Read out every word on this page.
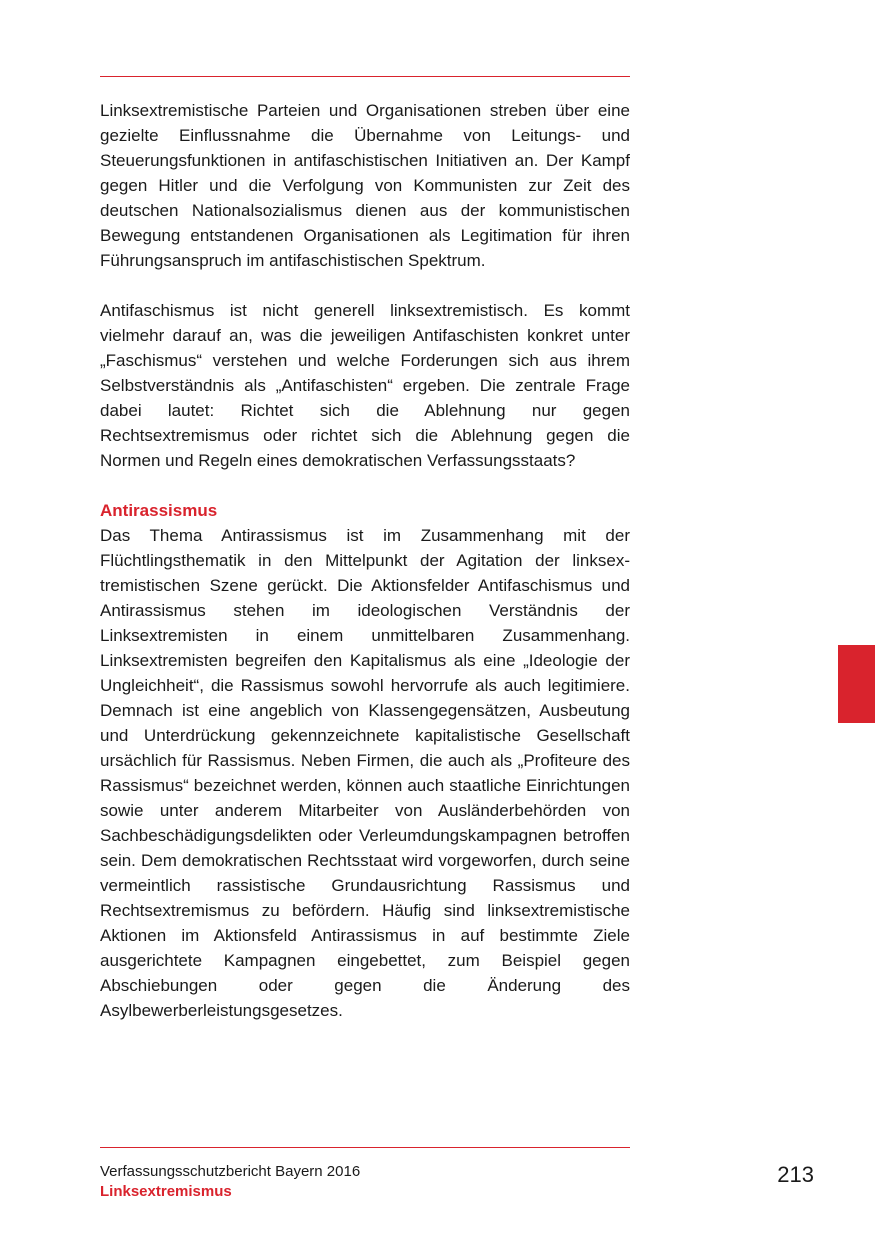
Linksextremistische Parteien und Organisationen streben über eine gezielte Einflussnahme die Übernahme von Leitungs- und Steuerungsfunktionen in antifaschistischen Initiativen an. Der Kampf gegen Hitler und die Verfolgung von Kommunisten zur Zeit des deutschen Nationalsozialismus dienen aus der kommunistischen Bewegung entstandenen Organisationen als Legitimation für ihren Führungsanspruch im antifaschistischen Spektrum.

Antifaschismus ist nicht generell linksextremistisch. Es kommt vielmehr darauf an, was die jeweiligen Antifaschisten konkret unter „Faschismus“ verstehen und welche Forderungen sich aus ihrem Selbstverständnis als „Antifaschisten“ ergeben. Die zentrale Frage dabei lautet: Richtet sich die Ablehnung nur gegen Rechtsextremismus oder richtet sich die Ablehnung gegen die Normen und Regeln eines demokratischen Verfassungsstaats?

Antirassismus

Das Thema Antirassismus ist im Zusammenhang mit der Flüchtlingsthematik in den Mittelpunkt der Agitation der linksextremistischen Szene gerückt. Die Aktionsfelder Antifaschismus und Antirassismus stehen im ideologischen Verständnis der Linksextremisten in einem unmittelbaren Zusammenhang. Linksextremisten begreifen den Kapitalismus als eine „Ideologie der Ungleichheit“, die Rassismus sowohl hervorrufe als auch legitimiere. Demnach ist eine angeblich von Klassengegensätzen, Ausbeutung und Unterdrückung gekennzeichnete kapitalistische Gesellschaft ursächlich für Rassismus. Neben Firmen, die auch als „Profiteure des Rassismus“ bezeichnet werden, können auch staatliche Einrichtungen sowie unter anderem Mitarbeiter von Ausländerbehörden von Sachbeschädigungsdelikten oder Verleumdungskampagnen betroffen sein. Dem demokratischen Rechtsstaat wird vorgeworfen, durch seine vermeintlich rassistische Grundausrichtung Rassismus und Rechtsextremismus zu befördern. Häufig sind linksextremistische Aktionen im Aktionsfeld Antirassismus in auf bestimmte Ziele ausgerichtete Kampagnen eingebettet, zum Beispiel gegen Abschiebungen oder gegen die Änderung des Asylbewerberleistungsgesetzes.

Verfassungsschutzbericht Bayern 2016
Linksextremismus
213
